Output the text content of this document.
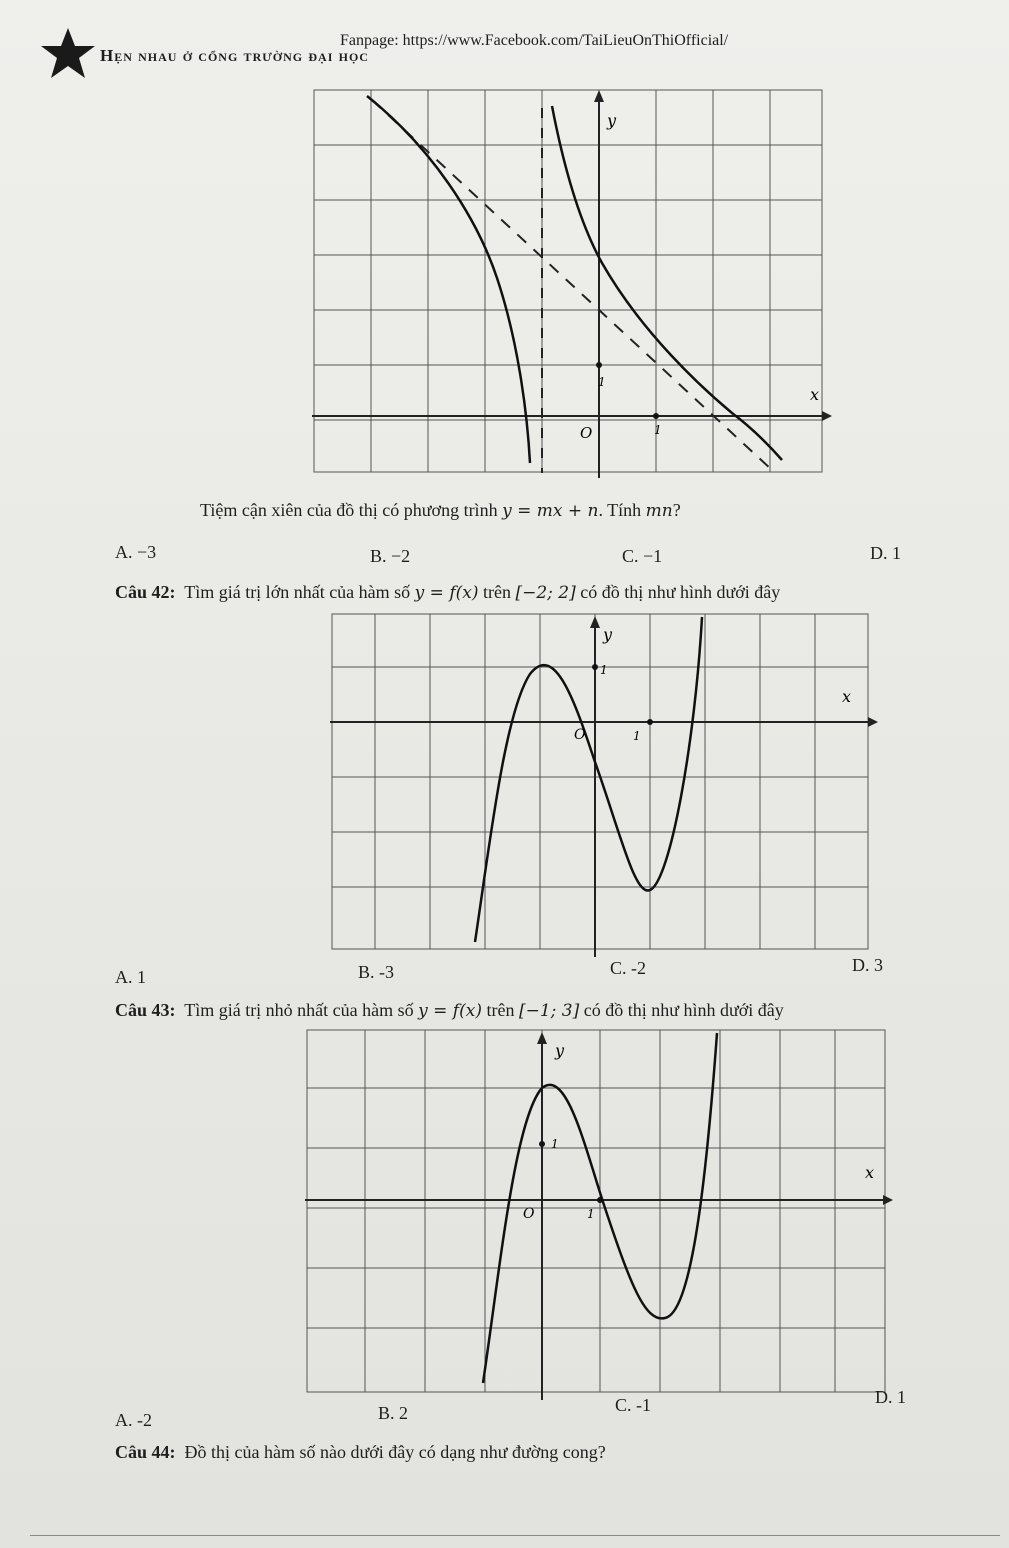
Fanpage: https://www.Facebook.com/TaiLieuOnThiOfficial/
Hẹn nhau ở cổng trường đại học
y
x
O	1
1
Tiệm cận xiên của đồ thị có phương trình y = mx + n. Tính mn?
A. −3	B. −2	C. −1	D. 1
Câu 42: Tìm giá trị lớn nhất của hàm số y = f(x) trên [−2; 2] có đồ thị như hình dưới đây
y
x
O	1
1
A. 1	B. -3	C. -2	D. 3
Câu 43: Tìm giá trị nhỏ nhất của hàm số y = f(x) trên [−1; 3] có đồ thị như hình dưới đây
y
x
O	1
1
A. -2	B. 2	C. -1	D. 1
Câu 44: Đồ thị của hàm số nào dưới đây có dạng như đường cong?
